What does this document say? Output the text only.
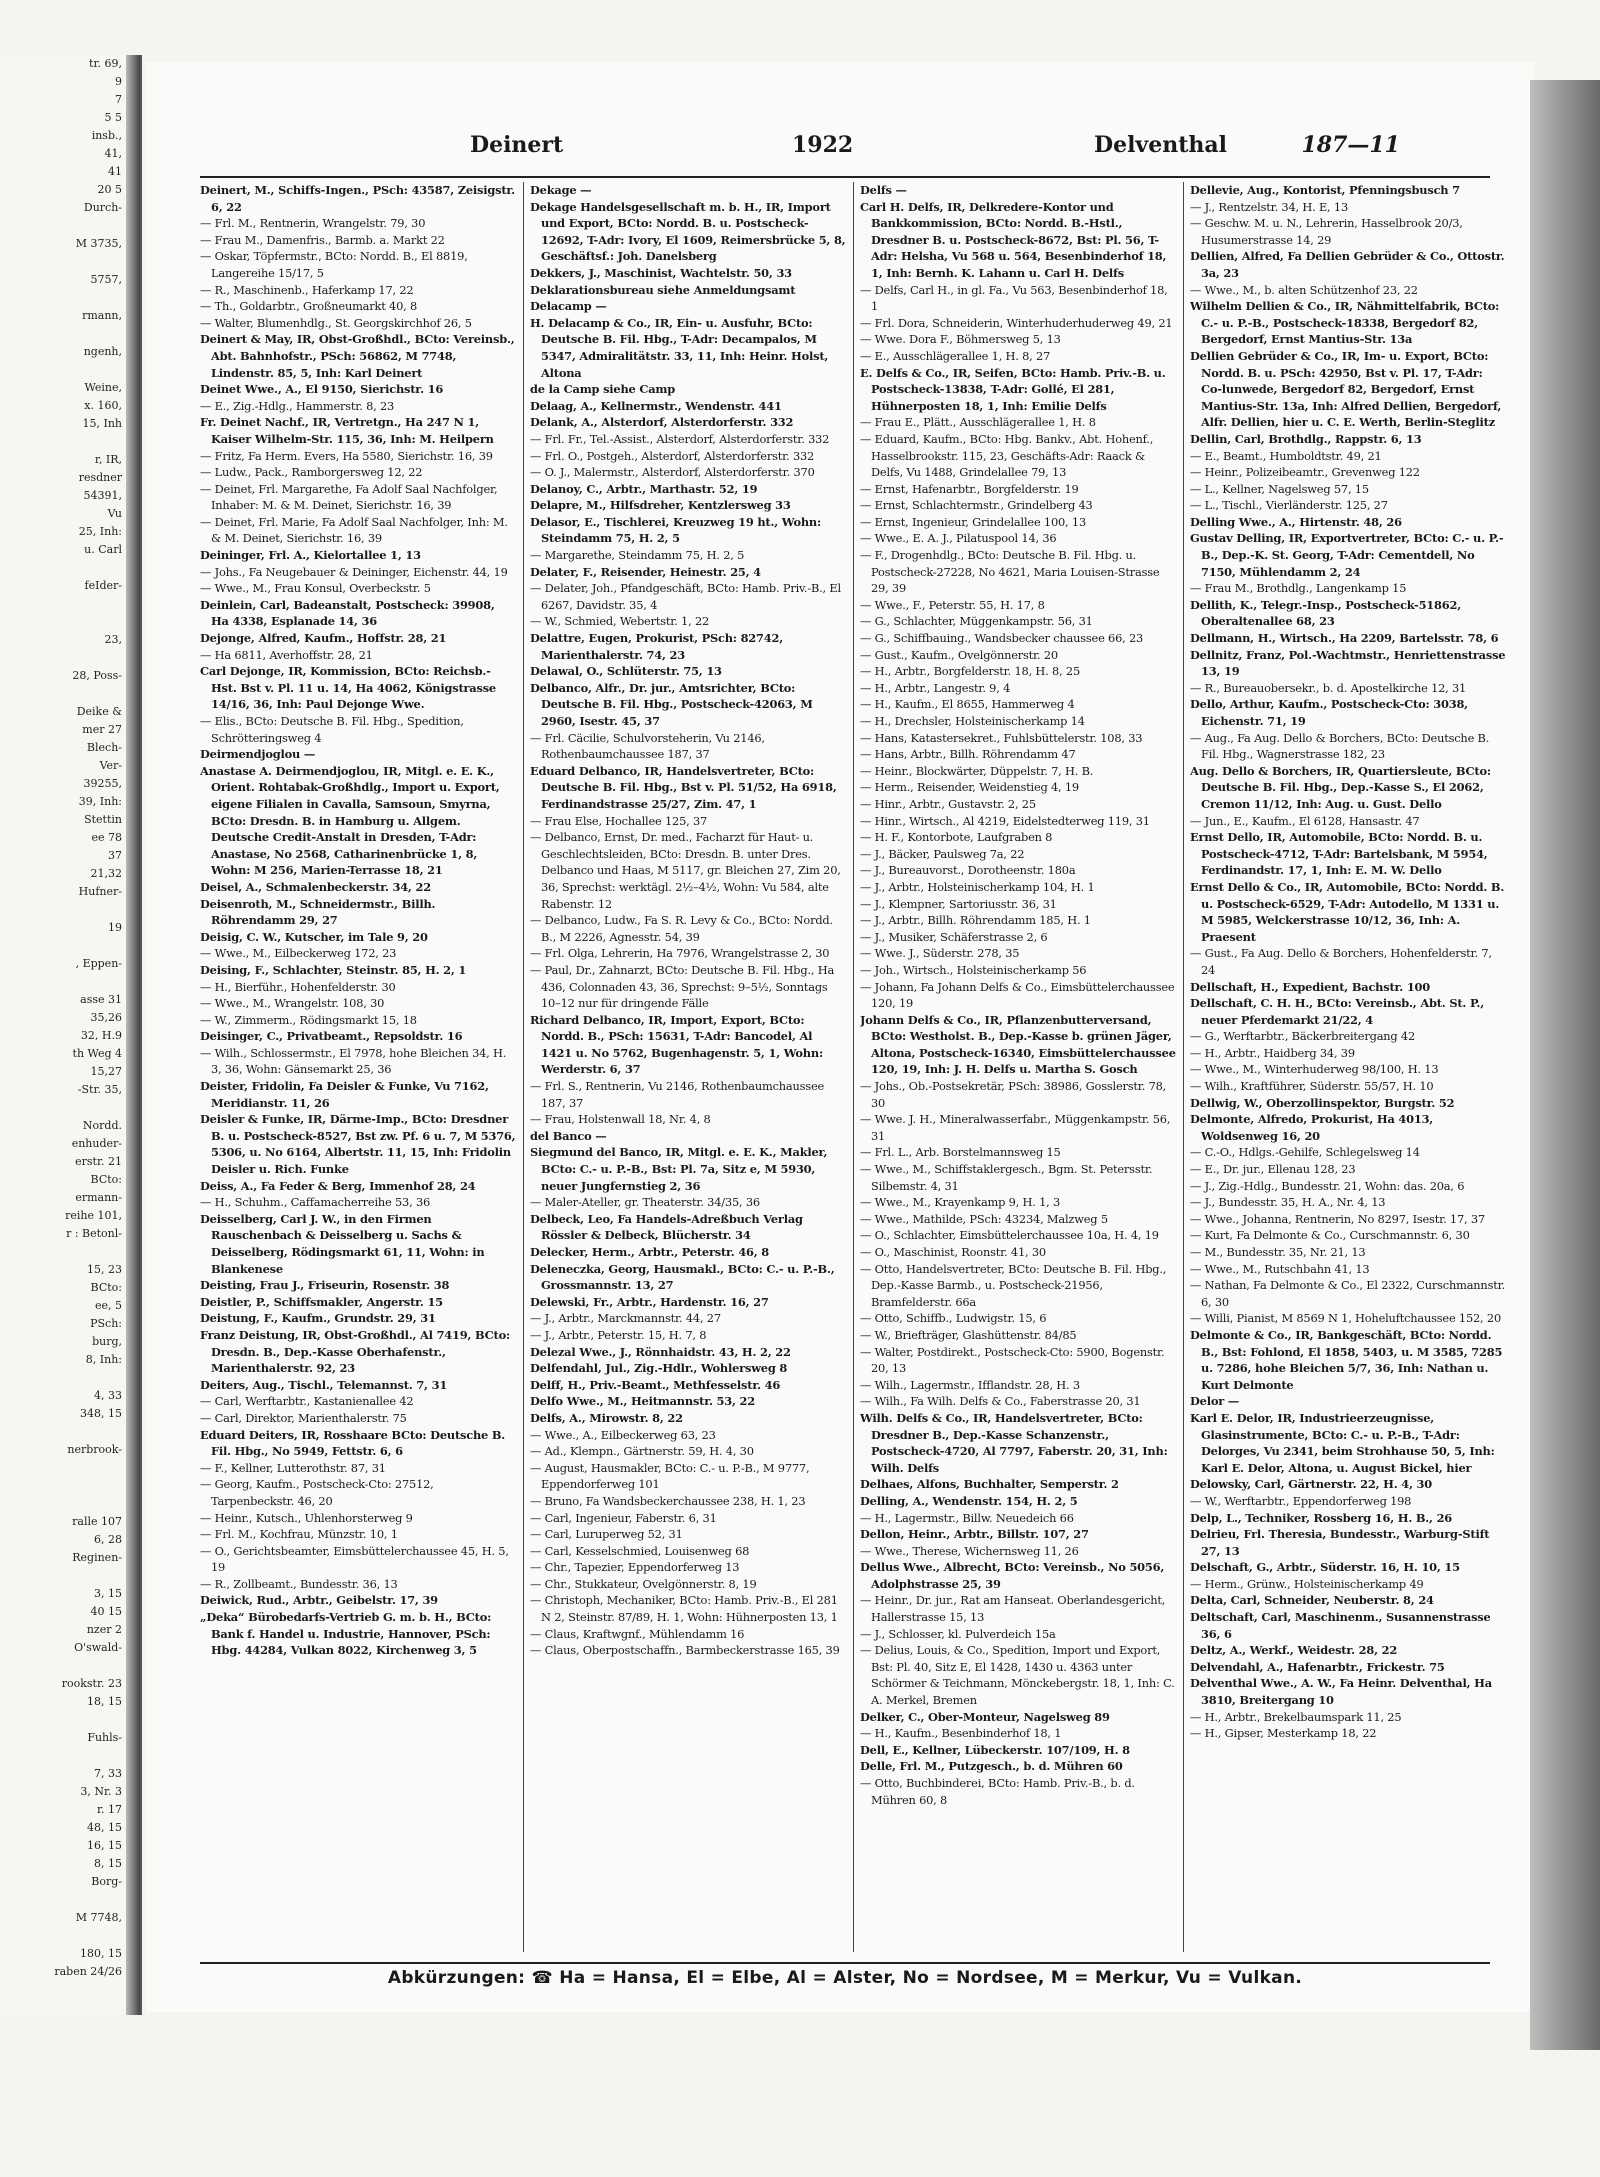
tr. 69,
9
7
5 5
insb.,
41,
41
20 5
Durch-

M 3735,

5757,

rmann,

ngenh,

Weine,
x. 160,
15, Inh

r, IR,
resdner
54391,
Vu
25, Inh:
u. Carl

feIder-

23,

28, Poss-

Deike &
mer 27
Blech-
Ver-
39255,
39, Inh:
Stettin
ee 78
37
21,32
Hufner-

19

, Eppen-

asse 31
35,26
32, H.9
th Weg 4
15,27
-Str. 35,

Nordd.
enhuder-
erstr. 21
BCto:
ermann-
reihe 101,
r : Betonl-

15, 23
BCto:
ee, 5
PSch:
burg,
8, Inh:

4, 33
348, 15

nerbrook-

ralle 107
6, 28
Reginen-

3, 15
40 15
nzer 2
O'swald-

rookstr. 23
18, 15

Fuhls-

7, 33
3, Nr. 3
r. 17
48, 15
16, 15
8, 15
Borg-

M 7748,

180, 15
raben 24/26
Deinert	1922	Delventhal	187—11

Deinert, M., Schiffs-Ingen., PSch: 43587, Zeisigstr. 6, 22

— Frl. M., Rentnerin, Wrangelstr. 79, 30

— Frau M., Damenfris., Barmb. a. Markt 22

— Oskar, Töpfermstr., BCto: Nordd. B., El 8819, Langereihe 15/17, 5

— R., Maschinenb., Haferkamp 17, 22

— Th., Goldarbtr., Großneumarkt 40, 8

— Walter, Blumenhdlg., St. Georgskirchhof 26, 5

Deinert & May, IR, Obst-Großhdl., BCto: Vereinsb., Abt. Bahnhofstr., PSch: 56862, M 7748, Lindenstr. 85, 5, Inh: Karl Deinert

Deinet Wwe., A., El 9150, Sierichstr. 16

— E., Zig.-Hdlg., Hammerstr. 8, 23

Fr. Deinet Nachf., IR, Vertretgn., Ha 247 N 1, Kaiser Wilhelm-Str. 115, 36, Inh: M. Heilpern

— Fritz, Fa Herm. Evers, Ha 5580, Sierichstr. 16, 39

— Ludw., Pack., Ramborgersweg 12, 22

— Deinet, Frl. Margarethe, Fa Adolf Saal Nachfolger, Inhaber: M. & M. Deinet, Sierichstr. 16, 39

— Deinet, Frl. Marie, Fa Adolf Saal Nachfolger, Inh: M. & M. Deinet, Sierichstr. 16, 39

Deininger, Frl. A., Kielortallee 1, 13

— Johs., Fa Neugebauer & Deininger, Eichenstr. 44, 19

— Wwe., M., Frau Konsul, Overbeckstr. 5

Deinlein, Carl, Badeanstalt, Postscheck: 39908, Ha 4338, Esplanade 14, 36

Dejonge, Alfred, Kaufm., Hoffstr. 28, 21

— Ha 6811, Averhoffstr. 28, 21

Carl Dejonge, IR, Kommission, BCto: Reichsb.-Hst. Bst v. Pl. 11 u. 14, Ha 4062, Königstrasse 14/16, 36, Inh: Paul Dejonge Wwe.

— Elis., BCto: Deutsche B. Fil. Hbg., Spedition, Schrötteringsweg 4

Deirmendjoglou —

Anastase A. Deirmendjoglou, IR, Mitgl. e. E. K., Orient. Rohtabak-Großhdlg., Import u. Export, eigene Filialen in Cavalla, Samsoun, Smyrna, BCto: Dresdn. B. in Hamburg u. Allgem. Deutsche Credit-Anstalt in Dresden, T-Adr: Anastase, No 2568, Catharinenbrücke 1, 8, Wohn: M 256, Marien-Terrasse 18, 21

Deisel, A., Schmalenbeckerstr. 34, 22

Deisenroth, M., Schneidermstr., Billh. Röhrendamm 29, 27

Deisig, C. W., Kutscher, im Tale 9, 20

— Wwe., M., Eilbeckerweg 172, 23

Deising, F., Schlachter, Steinstr. 85, H. 2, 1

— H., Bierführ., Hohenfelderstr. 30

— Wwe., M., Wrangelstr. 108, 30

— W., Zimmerm., Rödingsmarkt 15, 18

Deisinger, C., Privatbeamt., Repsoldstr. 16

— Wilh., Schlossermstr., El 7978, hohe Bleichen 34, H. 3, 36, Wohn: Gänsemarkt 25, 36

Deister, Fridolin, Fa Deisler & Funke, Vu 7162, Meridianstr. 11, 26

Deisler & Funke, IR, Därme-Imp., BCto: Dresdner B. u. Postscheck-8527, Bst zw. Pf. 6 u. 7, M 5376, 5306, u. No 6164, Albertstr. 11, 15, Inh: Fridolin Deisler u. Rich. Funke

Deiss, A., Fa Feder & Berg, Immenhof 28, 24

— H., Schuhm., Caffamacherreihe 53, 36

Deisselberg, Carl J. W., in den Firmen Rauschenbach & Deisselberg u. Sachs & Deisselberg, Rödingsmarkt 61, 11, Wohn: in Blankenese

Deisting, Frau J., Friseurin, Rosenstr. 38

Deistler, P., Schiffsmakler, Angerstr. 15

Deistung, F., Kaufm., Grundstr. 29, 31

Franz Deistung, IR, Obst-Großhdl., Al 7419, BCto: Dresdn. B., Dep.-Kasse Oberhafenstr., Marienthalerstr. 92, 23

Deiters, Aug., Tischl., Telemannst. 7, 31

— Carl, Werftarbtr., Kastanienallee 42

— Carl, Direktor, Marienthalerstr. 75

Eduard Deiters, IR, Rosshaare BCto: Deutsche B. Fil. Hbg., No 5949, Fettstr. 6, 6

— F., Kellner, Lutterothstr. 87, 31

— Georg, Kaufm., Postscheck-Cto: 27512, Tarpenbeckstr. 46, 20

— Heinr., Kutsch., Uhlenhorsterweg 9

— Frl. M., Kochfrau, Münzstr. 10, 1

— O., Gerichtsbeamter, Eimsbüttelerchaussee 45, H. 5, 19

— R., Zollbeamt., Bundesstr. 36, 13

Deiwick, Rud., Arbtr., Geibelstr. 17, 39

„Deka“ Bürobedarfs-Vertrieb G. m. b. H., BCto: Bank f. Handel u. Industrie, Hannover, PSch: Hbg. 44284, Vulkan 8022, Kirchenweg 3, 5

Dekage —

Dekage Handelsgesellschaft m. b. H., IR, Import und Export, BCto: Nordd. B. u. Postscheck-12692, T-Adr: Ivory, El 1609, Reimersbrücke 5, 8, Geschäftsf.: Joh. Danelsberg

Dekkers, J., Maschinist, Wachtelstr. 50, 33

Deklarationsbureau siehe Anmeldungsamt

Delacamp —

H. Delacamp & Co., IR, Ein- u. Ausfuhr, BCto: Deutsche B. Fil. Hbg., T-Adr: Decampalos, M 5347, Admiralitätstr. 33, 11, Inh: Heinr. Holst, Altona

de la Camp siehe Camp

Delaag, A., Kellnermstr., Wendenstr. 441

Delank, A., Alsterdorf, Alsterdorferstr. 332

— Frl. Fr., Tel.-Assist., Alsterdorf, Alsterdorferstr. 332

— Frl. O., Postgeh., Alsterdorf, Alsterdorferstr. 332

— O. J., Malermstr., Alsterdorf, Alsterdorferstr. 370

Delanoy, C., Arbtr., Marthastr. 52, 19

Delapre, M., Hilfsdreher, Kentzlersweg 33

Delasor, E., Tischlerei, Kreuzweg 19 ht., Wohn: Steindamm 75, H. 2, 5

— Margarethe, Steindamm 75, H. 2, 5

Delater, F., Reisender, Heinestr. 25, 4

— Delater, Joh., Pfandgeschäft, BCto: Hamb. Priv.-B., El 6267, Davidstr. 35, 4

— W., Schmied, Webertstr. 1, 22

Delattre, Eugen, Prokurist, PSch: 82742, Marienthalerstr. 74, 23

Delawal, O., Schlüterstr. 75, 13

Delbanco, Alfr., Dr. jur., Amtsrichter, BCto: Deutsche B. Fil. Hbg., Postscheck-42063, M 2960, Isestr. 45, 37

— Frl. Cäcilie, Schulvorsteherin, Vu 2146, Rothenbaumchaussee 187, 37

Eduard Delbanco, IR, Handelsvertreter, BCto: Deutsche B. Fil. Hbg., Bst v. Pl. 51/52, Ha 6918, Ferdinandstrasse 25/27, Zim. 47, 1

— Frau Else, Hochallee 125, 37

— Delbanco, Ernst, Dr. med., Facharzt für Haut- u. Geschlechtsleiden, BCto: Dresdn. B. unter Dres. Delbanco und Haas, M 5117, gr. Bleichen 27, Zim 20, 36, Sprechst: werktägl. 2½–4½, Wohn: Vu 584, alte Rabenstr. 12

— Delbanco, Ludw., Fa S. R. Levy & Co., BCto: Nordd. B., M 2226, Agnesstr. 54, 39

— Frl. Olga, Lehrerin, Ha 7976, Wrangelstrasse 2, 30

— Paul, Dr., Zahnarzt, BCto: Deutsche B. Fil. Hbg., Ha 436, Colonnaden 43, 36, Sprechst: 9–5½, Sonntags 10–12 nur für dringende Fälle

Richard Delbanco, IR, Import, Export, BCto: Nordd. B., PSch: 15631, T-Adr: Bancodel, Al 1421 u. No 5762, Bugenhagenstr. 5, 1, Wohn: Werderstr. 6, 37

— Frl. S., Rentnerin, Vu 2146, Rothenbaumchaussee 187, 37

— Frau, Holstenwall 18, Nr. 4, 8

del Banco —

Siegmund del Banco, IR, Mitgl. e. E. K., Makler, BCto: C.- u. P.-B., Bst: Pl. 7a, Sitz e, M 5930, neuer Jungfernstieg 2, 36

— Maler-Ateller, gr. Theaterstr. 34/35, 36

Delbeck, Leo, Fa Handels-Adreßbuch Verlag Rössler & Delbeck, Blücherstr. 34

Delecker, Herm., Arbtr., Peterstr. 46, 8

Deleneczka, Georg, Hausmakl., BCto: C.- u. P.-B., Grossmannstr. 13, 27

Delewski, Fr., Arbtr., Hardenstr. 16, 27

— J., Arbtr., Marckmannstr. 44, 27

— J., Arbtr., Peterstr. 15, H. 7, 8

Delezal Wwe., J., Rönnhaidstr. 43, H. 2, 22

Delfendahl, Jul., Zig.-Hdlr., Wohlersweg 8

Delff, H., Priv.-Beamt., Methfesselstr. 46

Delfo Wwe., M., Heitmannstr. 53, 22

Delfs, A., Mirowstr. 8, 22

— Wwe., A., Eilbeckerweg 63, 23

— Ad., Klempn., Gärtnerstr. 59, H. 4, 30

— August, Hausmakler, BCto: C.- u. P.-B., M 9777, Eppendorferweg 101

— Bruno, Fa Wandsbeckerchaussee 238, H. 1, 23

— Carl, Ingenieur, Faberstr. 6, 31

— Carl, Luruperweg 52, 31

— Carl, Kesselschmied, Louisenweg 68

— Chr., Tapezier, Eppendorferweg 13

— Chr., Stukkateur, Ovelgönnerstr. 8, 19

— Christoph, Mechaniker, BCto: Hamb. Priv.-B., El 281 N 2, Steinstr. 87/89, H. 1, Wohn: Hühnerposten 13, 1

— Claus, Kraftwgnf., Mühlendamm 16

— Claus, Oberpostschaffn., Barmbeckerstrasse 165, 39

Delfs —

Carl H. Delfs, IR, Delkredere-Kontor und Bankkommission, BCto: Nordd. B.-Hstl., Dresdner B. u. Postscheck-8672, Bst: Pl. 56, T-Adr: Helsha, Vu 568 u. 564, Besenbinderhof 18, 1, Inh: Bernh. K. Lahann u. Carl H. Delfs

— Delfs, Carl H., in gl. Fa., Vu 563, Besenbinderhof 18, 1

— Frl. Dora, Schneiderin, Winterhuderhuderweg 49, 21

— Wwe. Dora F., Böhmersweg 5, 13

— E., Ausschlägerallee 1, H. 8, 27

E. Delfs & Co., IR, Seifen, BCto: Hamb. Priv.-B. u. Postscheck-13838, T-Adr: Gollé, El 281, Hühnerposten 18, 1, Inh: Emilie Delfs

— Frau E., Plätt., Ausschlägerallee 1, H. 8

— Eduard, Kaufm., BCto: Hbg. Bankv., Abt. Hohenf., Hasselbrookstr. 115, 23, Geschäfts-Adr: Raack & Delfs, Vu 1488, Grindelallee 79, 13

— Ernst, Hafenarbtr., Borgfelderstr. 19

— Ernst, Schlachtermstr., Grindelberg 43

— Ernst, Ingenieur, Grindelallee 100, 13

— Wwe., E. A. J., Pilatuspool 14, 36

— F., Drogenhdlg., BCto: Deutsche B. Fil. Hbg. u. Postscheck-27228, No 4621, Maria Louisen-Strasse 29, 39

— Wwe., F., Peterstr. 55, H. 17, 8

— G., Schlachter, Müggenkampstr. 56, 31

— G., Schiffbauing., Wandsbecker chaussee 66, 23

— Gust., Kaufm., Ovelgönnerstr. 20

— H., Arbtr., Borgfelderstr. 18, H. 8, 25

— H., Arbtr., Langestr. 9, 4

— H., Kaufm., El 8655, Hammerweg 4

— H., Drechsler, Holsteinischerkamp 14

— Hans, Katastersekret., Fuhlsbüttelerstr. 108, 33

— Hans, Arbtr., Billh. Röhrendamm 47

— Heinr., Blockwärter, Düppelstr. 7, H. B.

— Herm., Reisender, Weidenstieg 4, 19

— Hinr., Arbtr., Gustavstr. 2, 25

— Hinr., Wirtsch., Al 4219, Eidelstedterweg 119, 31

— H. F., Kontorbote, Laufgraben 8

— J., Bäcker, Paulsweg 7a, 22

— J., Bureauvorst., Dorotheenstr. 180a

— J., Arbtr., Holsteinischerkamp 104, H. 1

— J., Klempner, Sartoriusstr. 36, 31

— J., Arbtr., Billh. Röhrendamm 185, H. 1

— J., Musiker, Schäferstrasse 2, 6

— Wwe. J., Süderstr. 278, 35

— Joh., Wirtsch., Holsteinischerkamp 56

— Johann, Fa Johann Delfs & Co., Eimsbüttelerchaussee 120, 19

Johann Delfs & Co., IR, Pflanzenbutterversand, BCto: Westholst. B., Dep.-Kasse b. grünen Jäger, Altona, Postscheck-16340, Eimsbüttelerchaussee 120, 19, Inh: J. H. Delfs u. Martha S. Gosch

— Johs., Ob.-Postsekretär, PSch: 38986, Gosslerstr. 78, 30

— Wwe. J. H., Mineralwasserfabr., Müggenkampstr. 56, 31

— Frl. L., Arb. Borstelmannsweg 15

— Wwe., M., Schiffstaklergesch., Bgm. St. Petersstr. Silbemstr. 4, 31

— Wwe., M., Krayenkamp 9, H. 1, 3

— Wwe., Mathilde, PSch: 43234, Malzweg 5

— O., Schlachter, Eimsbüttelerchaussee 10a, H. 4, 19

— O., Maschinist, Roonstr. 41, 30

— Otto, Handelsvertreter, BCto: Deutsche B. Fil. Hbg., Dep.-Kasse Barmb., u. Postscheck-21956, Bramfelderstr. 66a

— Otto, Schiffb., Ludwigstr. 15, 6

— W., Briefträger, Glashüttenstr. 84/85

— Walter, Postdirekt., Postscheck-Cto: 5900, Bogenstr. 20, 13

— Wilh., Lagermstr., Ifflandstr. 28, H. 3

— Wilh., Fa Wilh. Delfs & Co., Faberstrasse 20, 31

Wilh. Delfs & Co., IR, Handelsvertreter, BCto: Dresdner B., Dep.-Kasse Schanzenstr., Postscheck-4720, Al 7797, Faberstr. 20, 31, Inh: Wilh. Delfs

Delhaes, Alfons, Buchhalter, Semperstr. 2

Delling, A., Wendenstr. 154, H. 2, 5

— H., Lagermstr., Billw. Neuedeich 66

Dellon, Heinr., Arbtr., Billstr. 107, 27

— Wwe., Therese, Wichernsweg 11, 26

Dellus Wwe., Albrecht, BCto: Vereinsb., No 5056, Adolphstrasse 25, 39

— Heinr., Dr. jur., Rat am Hanseat. Oberlandesgericht, Hallerstrasse 15, 13

— J., Schlosser, kl. Pulverdeich 15a

— Delius, Louis, & Co., Spedition, Import und Export, Bst: Pl. 40, Sitz E, El 1428, 1430 u. 4363 unter Schörmer & Teichmann, Mönckebergstr. 18, 1, Inh: C. A. Merkel, Bremen

Delker, C., Ober-Monteur, Nagelsweg 89

— H., Kaufm., Besenbinderhof 18, 1

Dell, E., Kellner, Lübeckerstr. 107/109, H. 8

Delle, Frl. M., Putzgesch., b. d. Mühren 60

— Otto, Buchbinderei, BCto: Hamb. Priv.-B., b. d. Mühren 60, 8

Dellevie, Aug., Kontorist, Pfenningsbusch 7

— J., Rentzelstr. 34, H. E, 13

— Geschw. M. u. N., Lehrerin, Hasselbrook 20/3, Husumerstrasse 14, 29

Dellien, Alfred, Fa Dellien Gebrüder & Co., Ottostr. 3a, 23

— Wwe., M., b. alten Schützenhof 23, 22

Wilhelm Dellien & Co., IR, Nähmittelfabrik, BCto: C.- u. P.-B., Postscheck-18338, Bergedorf 82, Bergedorf, Ernst Mantius-Str. 13a

Dellien Gebrüder & Co., IR, Im- u. Export, BCto: Nordd. B. u. PSch: 42950, Bst v. Pl. 17, T-Adr: Co-lunwede, Bergedorf 82, Bergedorf, Ernst Mantius-Str. 13a, Inh: Alfred Dellien, Bergedorf, Alfr. Dellien, hier u. C. E. Werth, Berlin-Steglitz

Dellin, Carl, Brothdlg., Rappstr. 6, 13

— E., Beamt., Humboldtstr. 49, 21

— Heinr., Polizeibeamtr., Grevenweg 122

— L., Kellner, Nagelsweg 57, 15

— L., Tischl., Vierländerstr. 125, 27

Delling Wwe., A., Hirtenstr. 48, 26

Gustav Delling, IR, Exportvertreter, BCto: C.- u. P.-B., Dep.-K. St. Georg, T-Adr: Cementdell, No 7150, Mühlendamm 2, 24

— Frau M., Brothdlg., Langenkamp 15

Dellith, K., Telegr.-Insp., Postscheck-51862, Oberaltenallee 68, 23

Dellmann, H., Wirtsch., Ha 2209, Bartelsstr. 78, 6

Dellnitz, Franz, Pol.-Wachtmstr., Henriettenstrasse 13, 19

— R., Bureauobersekr., b. d. Apostelkirche 12, 31

Dello, Arthur, Kaufm., Postscheck-Cto: 3038, Eichenstr. 71, 19

— Aug., Fa Aug. Dello & Borchers, BCto: Deutsche B. Fil. Hbg., Wagnerstrasse 182, 23

Aug. Dello & Borchers, IR, Quartiersleute, BCto: Deutsche B. Fil. Hbg., Dep.-Kasse S., El 2062, Cremon 11/12, Inh: Aug. u. Gust. Dello

— Jun., E., Kaufm., El 6128, Hansastr. 47

Ernst Dello, IR, Automobile, BCto: Nordd. B. u. Postscheck-4712, T-Adr: Bartelsbank, M 5954, Ferdinandstr. 17, 1, Inh: E. M. W. Dello

Ernst Dello & Co., IR, Automobile, BCto: Nordd. B. u. Postscheck-6529, T-Adr: Autodello, M 1331 u. M 5985, Welckerstrasse 10/12, 36, Inh: A. Praesent

— Gust., Fa Aug. Dello & Borchers, Hohenfelderstr. 7, 24

Dellschaft, H., Expedient, Bachstr. 100

Dellschaft, C. H. H., BCto: Vereinsb., Abt. St. P., neuer Pferdemarkt 21/22, 4

— G., Werftarbtr., Bäckerbreitergang 42

— H., Arbtr., Haidberg 34, 39

— Wwe., M., Winterhuderweg 98/100, H. 13

— Wilh., Kraftführer, Süderstr. 55/57, H. 10

Dellwig, W., Oberzollinspektor, Burgstr. 52

Delmonte, Alfredo, Prokurist, Ha 4013, Woldsenweg 16, 20

— C.-O., Hdlgs.-Gehilfe, Schlegelsweg 14

— E., Dr. jur., Ellenau 128, 23

— J., Zig.-Hdlg., Bundesstr. 21, Wohn: das. 20a, 6

— J., Bundesstr. 35, H. A., Nr. 4, 13

— Wwe., Johanna, Rentnerin, No 8297, Isestr. 17, 37

— Kurt, Fa Delmonte & Co., Curschmannstr. 6, 30

— M., Bundesstr. 35, Nr. 21, 13

— Wwe., M., Rutschbahn 41, 13

— Nathan, Fa Delmonte & Co., El 2322, Curschmannstr. 6, 30

— Willi, Pianist, M 8569 N 1, Hoheluftchaussee 152, 20

Delmonte & Co., IR, Bankgeschäft, BCto: Nordd. B., Bst: Fohlond, El 1858, 5403, u. M 3585, 7285 u. 7286, hohe Bleichen 5/7, 36, Inh: Nathan u. Kurt Delmonte

Delor —

Karl E. Delor, IR, Industrieerzeugnisse, Glasinstrumente, BCto: C.- u. P.-B., T-Adr: Delorges, Vu 2341, beim Strohhause 50, 5, Inh: Karl E. Delor, Altona, u. August Bickel, hier

Delowsky, Carl, Gärtnerstr. 22, H. 4, 30

— W., Werftarbtr., Eppendorferweg 198

Delp, L., Techniker, Rossberg 16, H. B., 26

Delrieu, Frl. Theresia, Bundesstr., Warburg-Stift 27, 13

Delschaft, G., Arbtr., Süderstr. 16, H. 10, 15

— Herm., Grünw., Holsteinischerkamp 49

Delta, Carl, Schneider, Neuberstr. 8, 24

Deltschaft, Carl, Maschinenm., Susannenstrasse 36, 6

Deltz, A., Werkf., Weidestr. 28, 22

Delvendahl, A., Hafenarbtr., Frickestr. 75

Delventhal Wwe., A. W., Fa Heinr. Delventhal, Ha 3810, Breitergang 10

— H., Arbtr., Brekelbaumspark 11, 25

— H., Gipser, Mesterkamp 18, 22

Abkürzungen: ☎ Ha = Hansa, El = Elbe, Al = Alster, No = Nordsee, M = Merkur, Vu = Vulkan.
